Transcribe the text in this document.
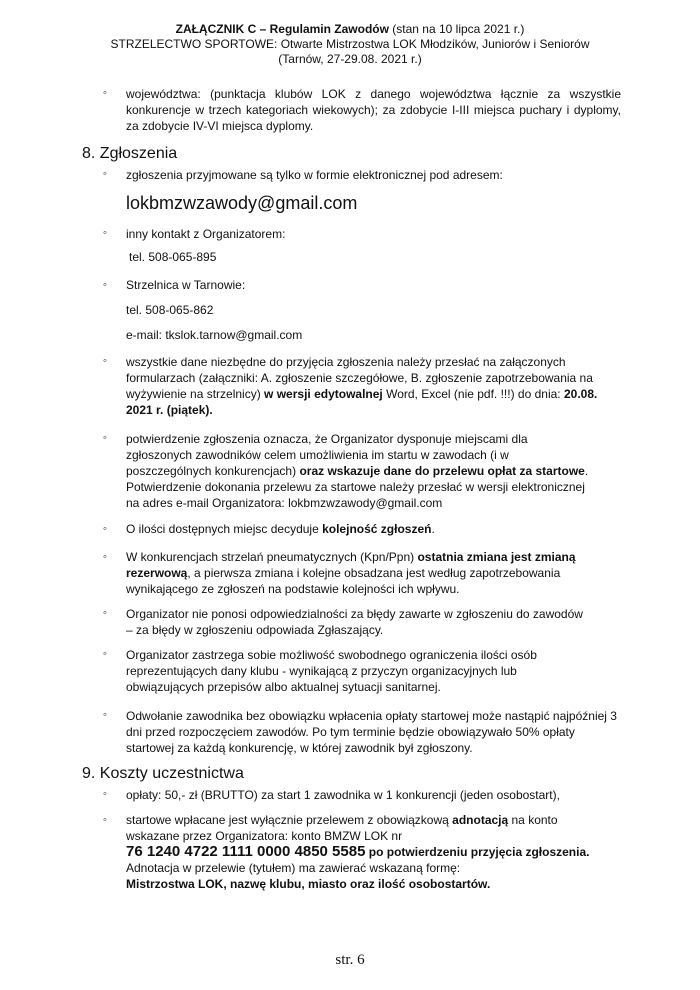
ZAŁĄCZNIK C – Regulamin Zawodów (stan na 10 lipca 2021 r.)
STRZELECTWO SPORTOWE: Otwarte Mistrzostwa LOK Młodzików, Juniorów i Seniorów
(Tarnów, 27-29.08. 2021 r.)
◦ województwa: (punktacja klubów LOK z danego województwa łącznie za wszystkie konkurencje w trzech kategoriach wiekowych); za zdobycie I-III miejsca puchary i dyplomy, za zdobycie IV-VI miejsca dyplomy.
8. Zgłoszenia
◦ zgłoszenia przyjmowane są tylko w formie elektronicznej pod adresem:
lokbmzwzawody@gmail.com
◦ inny kontakt z Organizatorem:
tel. 508-065-895
◦ Strzelnica w Tarnowie:
tel. 508-065-862
e-mail: tkslok.tarnow@gmail.com
◦ wszystkie dane niezbędne do przyjęcia zgłoszenia należy przesłać na załączonych formularzach (załączniki: A. zgłoszenie szczegółowe, B. zgłoszenie zapotrzebowania na wyżywienie na strzelnicy) w wersji edytowalnej Word, Excel (nie pdf. !!!) do dnia: 20.08. 2021 r. (piątek).
◦ potwierdzenie zgłoszenia oznacza, że Organizator dysponuje miejscami dla zgłoszonych zawodników celem umożliwienia im startu w zawodach (i w poszczególnych konkurencjach) oraz wskazuje dane do przelewu opłat za startowe. Potwierdzenie dokonania przelewu za startowe należy przesłać w wersji elektronicznej na adres e-mail Organizatora: lokbmzwzawody@gmail.com
◦ O ilości dostępnych miejsc decyduje kolejność zgłoszeń.
◦ W konkurencjach strzelań pneumatycznych (Kpn/Ppn) ostatnia zmiana jest zmianą rezerwową, a pierwsza zmiana i kolejne obsadzana jest według zapotrzebowania wynikającego ze zgłoszeń na podstawie kolejności ich wpływu.
◦ Organizator nie ponosi odpowiedzialności za błędy zawarte w zgłoszeniu do zawodów – za błędy w zgłoszeniu odpowiada Zgłaszający.
◦ Organizator zastrzega sobie możliwość swobodnego ograniczenia ilości osób reprezentujących dany klubu - wynikającą z przyczyn organizacyjnych lub obwiązujących przepisów albo aktualnej sytuacji sanitarnej.
◦ Odwołanie zawodnika bez obowiązku wpłacenia opłaty startowej może nastąpić najpóźniej 3 dni przed rozpoczęciem zawodów. Po tym terminie będzie obowiązywało 50% opłaty startowej za każdą konkurencję, w której zawodnik był zgłoszony.
9. Koszty uczestnictwa
◦ opłaty: 50,- zł (BRUTTO) za start 1 zawodnika w 1 konkurencji (jeden osobostart),
◦ startowe wpłacane jest wyłącznie przelewem z obowiązkową adnotacją na konto wskazane przez Organizatora: konto BMZW LOK nr
76 1240 4722 1111 0000 4850 5585 po potwierdzeniu przyjęcia zgłoszenia. Adnotacja w przelewie (tytułem) ma zawierać wskazaną formę:
Mistrzostwa LOK, nazwę klubu, miasto oraz ilość osobostartów.
str. 6
